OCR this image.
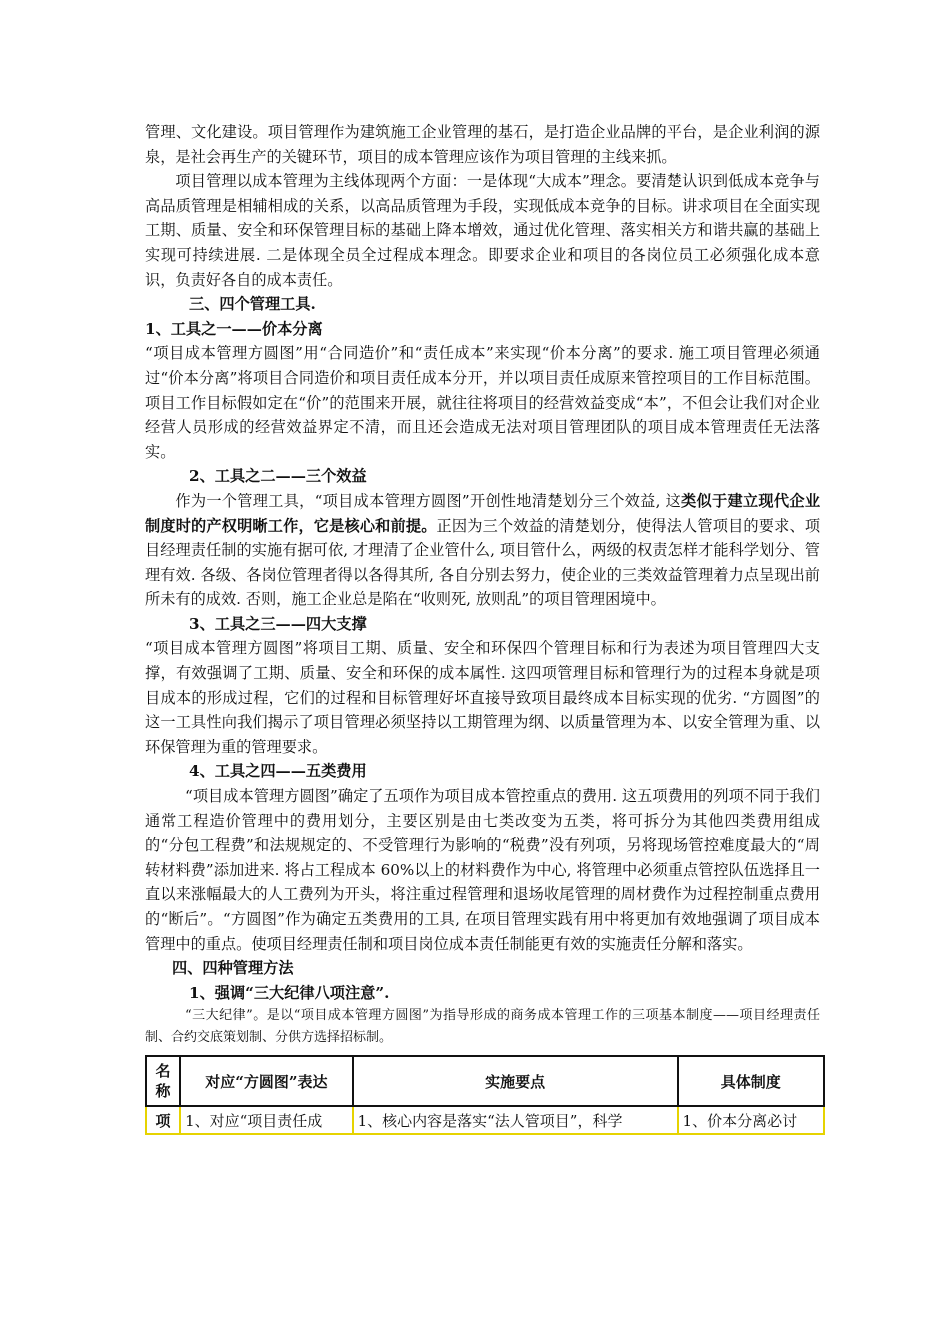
管理、文化建设。项目管理作为建筑施工企业管理的基石，是打造企业品牌的平台，是企业利润的源泉，是社会再生产的关键环节，项目的成本管理应该作为项目管理的主线来抓。

项目管理以成本管理为主线体现两个方面：一是体现“大成本”理念。要清楚认识到低成本竞争与高品质管理是相辅相成的关系，以高品质管理为手段，实现低成本竞争的目标。讲求项目在全面实现工期、质量、安全和环保管理目标的基础上降本增效，通过优化管理、落实相关方和谐共赢的基础上实现可持续进展. 二是体现全员全过程成本理念。即要求企业和项目的各岗位员工必须强化成本意识，负责好各自的成本责任。

三、四个管理工具.

1、工具之一——价本分离

“项目成本管理方圆图”用“合同造价”和“责任成本”来实现“价本分离”的要求. 施工项目管理必须通过“价本分离”将项目合同造价和项目责任成本分开，并以项目责任成原来管控项目的工作目标范围。项目工作目标假如定在“价”的范围来开展，就往往将项目的经营效益变成“本”，不但会让我们对企业经营人员形成的经营效益界定不清，而且还会造成无法对项目管理团队的项目成本管理责任无法落实。

2、工具之二——三个效益

作为一个管理工具，“项目成本管理方圆图”开创性地清楚划分三个效益, 这类似于建立现代企业制度时的产权明晰工作，它是核心和前提。正因为三个效益的清楚划分，使得法人管项目的要求、项目经理责任制的实施有据可依, 才理清了企业管什么, 项目管什么，两级的权责怎样才能科学划分、管理有效. 各级、各岗位管理者得以各得其所, 各自分别去努力，使企业的三类效益管理着力点呈现出前所未有的成效. 否则，施工企业总是陷在“收则死, 放则乱”的项目管理困境中。

3、工具之三——四大支撑

“项目成本管理方圆图”将项目工期、质量、安全和环保四个管理目标和行为表述为项目管理四大支撑，有效强调了工期、质量、安全和环保的成本属性. 这四项管理目标和管理行为的过程本身就是项目成本的形成过程，它们的过程和目标管理好坏直接导致项目最终成本目标实现的优劣. “方圆图”的这一工具性向我们揭示了项目管理必须坚持以工期管理为纲、以质量管理为本、以安全管理为重、以环保管理为重的管理要求。

4、工具之四——五类费用

“项目成本管理方圆图”确定了五项作为项目成本管控重点的费用. 这五项费用的列项不同于我们通常工程造价管理中的费用划分，主要区别是由七类改变为五类，将可拆分为其他四类费用组成的“分包工程费”和法规规定的、不受管理行为影响的“税费”没有列项，另将现场管控难度最大的“周转材料费”添加进来. 将占工程成本 60%以上的材料费作为中心, 将管理中必须重点管控队伍选择且一直以来涨幅最大的人工费列为开头，将注重过程管理和退场收尾管理的周材费作为过程控制重点费用的“断后”。“方圆图”作为确定五类费用的工具, 在项目管理实践有用中将更加有效地强调了项目成本管理中的重点。使项目经理责任制和项目岗位成本责任制能更有效的实施责任分解和落实。

四、四种管理方法

1、强调“三大纪律八项注意”.

“三大纪律”。是以“项目成本管理方圆图”为指导形成的商务成本管理工作的三项基本制度——项目经理责任制、合约交底策划制、分供方选择招标制。

名称	对应“方圆图”表达	实施要点	具体制度
项	1、对应“项目责任成	1、核心内容是落实“法人管项目”，科学	1、价本分离必讨
